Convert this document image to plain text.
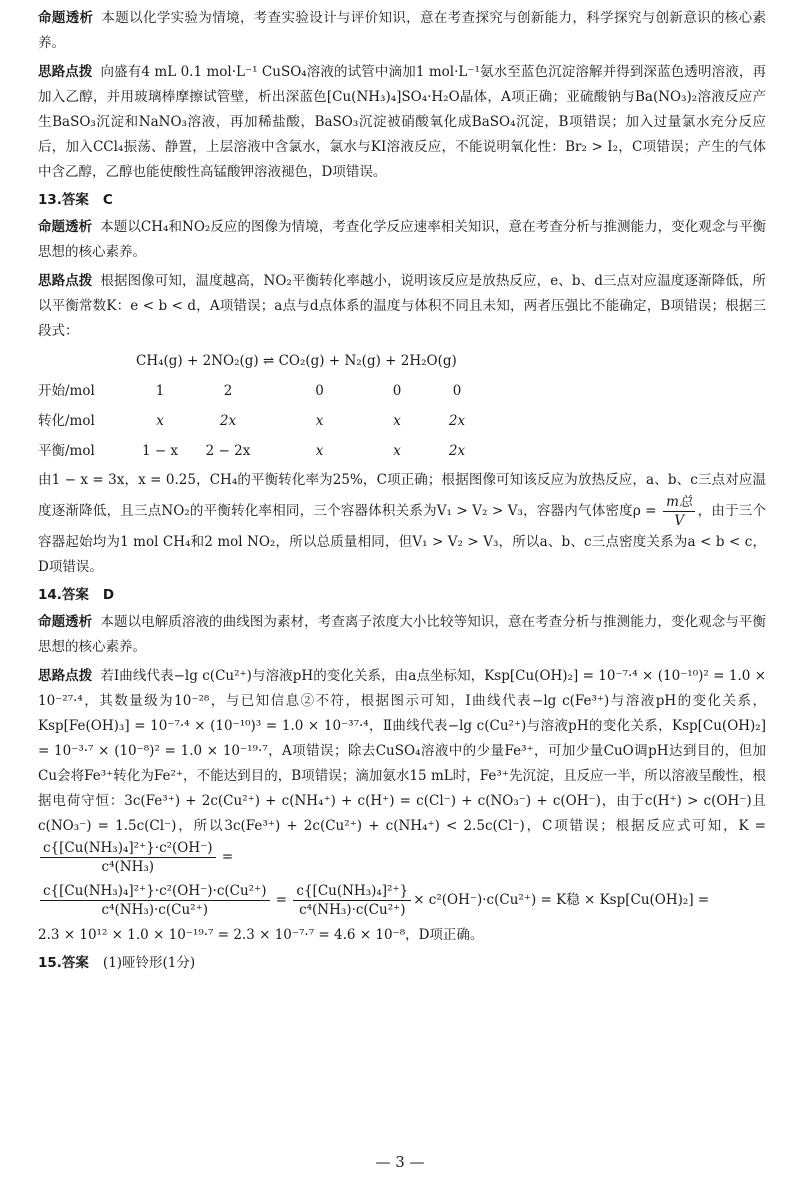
命题透析 本题以化学实验为情境，考查实验设计与评价知识，意在考查探究与创新能力，科学探究与创新意识的核心素养。

思路点拨 向盛有4 mL 0.1 mol·L⁻¹ CuSO₄溶液的试管中滴加1 mol·L⁻¹氨水至蓝色沉淀溶解并得到深蓝色透明溶液，再加入乙醇，并用玻璃棒摩擦试管壁，析出深蓝色[Cu(NH₃)₄]SO₄·H₂O晶体，A项正确；亚硫酸钠与Ba(NO₃)₂溶液反应产生BaSO₃沉淀和NaNO₃溶液，再加稀盐酸，BaSO₃沉淀被硝酸氧化成BaSO₄沉淀，B项错误；加入过量氯水充分反应后，加入CCl₄振荡、静置，上层溶液中含氯水，氯水与KI溶液反应，不能说明氧化性：Br₂ > I₂，C项错误；产生的气体中含乙醇，乙醇也能使酸性高锰酸钾溶液褪色，D项错误。

13.答案 C

命题透析 本题以CH₄和NO₂反应的图像为情境，考查化学反应速率相关知识，意在考查分析与推测能力，变化观念与平衡思想的核心素养。

思路点拨 根据图像可知，温度越高，NO₂平衡转化率越小，说明该反应是放热反应，e、b、d三点对应温度逐渐降低，所以平衡常数K：e < b < d，A项错误；a点与d点体系的温度与体积不同且未知，两者压强比不能确定，B项错误；根据三段式：

	CH₄(g) + 2NO₂(g) ⇌ CO₂(g) + N₂(g) + 2H₂O(g)				
开始/mol	1	2	0	0	0
转化/mol	x	2x	x	x	2x
平衡/mol	1 − x	2 − 2x	x	x	2x

由1 − x = 3x，x = 0.25，CH₄的平衡转化率为25%，C项正确；根据图像可知该反应为放热反应，a、b、c三点对应温度逐渐降低，且三点NO₂的平衡转化率相同，三个容器体积关系为V₁ > V₂ > V₃，容器内气体密度$\rho = \frac{\text{m总}}{V}$ ，由于三个容器起始均为1 mol CH₄和2 mol NO₂，所以总质量相同，但V₁ > V₂ > V₃，所以a、b、c三点密度关系为a < b < c，D项错误。

14.答案 D

命题透析 本题以电解质溶液的曲线图为素材，考查离子浓度大小比较等知识，意在考查分析与推测能力，变化观念与平衡思想的核心素养。

思路点拨 若Ⅰ曲线代表−lg c(Cu²⁺)与溶液pH的变化关系，由a点坐标知，Ksp[Cu(OH)₂] = 10⁻⁷·⁴ × (10⁻¹⁰)² = 1.0 × 10⁻²⁷·⁴，其数量级为10⁻²⁸，与已知信息②不符，根据图示可知，Ⅰ曲线代表−lg c(Fe³⁺)与溶液pH的变化关系，Ksp[Fe(OH)₃] = 10⁻⁷·⁴ × (10⁻¹⁰)³ = 1.0 × 10⁻³⁷·⁴，Ⅱ曲线代表−lg c(Cu²⁺)与溶液pH的变化关系，Ksp[Cu(OH)₂] = 10⁻³·⁷ × (10⁻⁸)² = 1.0 × 10⁻¹⁹·⁷，A项错误；除去CuSO₄溶液中的少量Fe³⁺，可加少量CuO调pH达到目的，但加Cu会将Fe³⁺转化为Fe²⁺，不能达到目的，B项错误；滴加氨水15 mL时，Fe³⁺先沉淀，且反应一半，所以溶液呈酸性，根据电荷守恒：3c(Fe³⁺) + 2c(Cu²⁺) + c(NH₄⁺) + c(H⁺) = c(Cl⁻) + c(NO₃⁻) + c(OH⁻)，由于c(H⁺) > c(OH⁻)且c(NO₃⁻) = 1.5c(Cl⁻)，所以3c(Fe³⁺) + 2c(Cu²⁺) + c(NH₄⁺) < 2.5c(Cl⁻)，C项错误；根据反应式可知，K =
$\frac{\text{c\{[Cu(NH₃)₄]²⁺\}·c²(OH⁻)}}{\text{c⁴(NH₃)}}$ =

$\frac{\text{c\{[Cu(NH₃)₄]²⁺\}·c²(OH⁻)·c(Cu²⁺)}}{\text{c⁴(NH₃)·c(Cu²⁺)}} = \frac{\text{c\{[Cu(NH₃)₄]²⁺\}}}{\text{c⁴(NH₃)·c(Cu²⁺)}} \times c^2(OH^-)\cdot c(Cu^{2+}) = K$稳 × Ksp[Cu(OH)₂] =

2.3 × 10¹² × 1.0 × 10⁻¹⁹·⁷ = 2.3 × 10⁻⁷·⁷ = 4.6 × 10⁻⁸，D项正确。

15.答案 (1)哑铃形(1分)
— 3 —
